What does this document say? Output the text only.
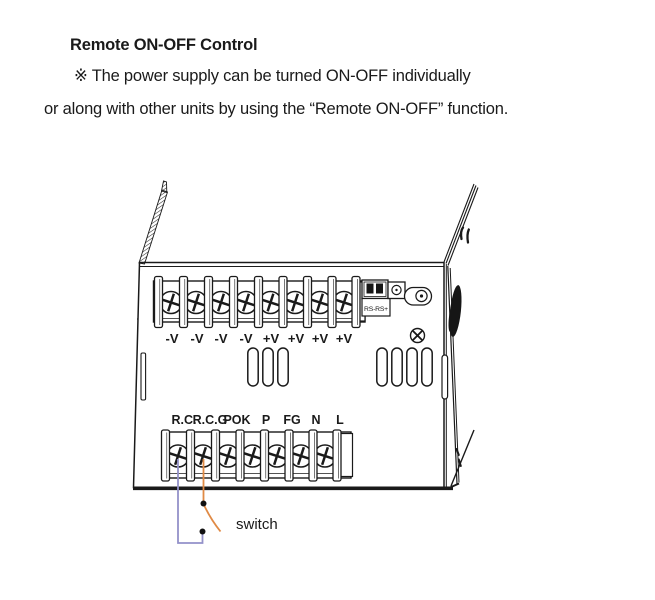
Remote ON-OFF Control
※ The power supply can be turned ON-OFF individually
or along with other units by using the “Remote ON-OFF” function.
-V -V -V -V +V +V +V +V
RS-RS+
R.C.
R.C.G
POK P FG N L
switch
